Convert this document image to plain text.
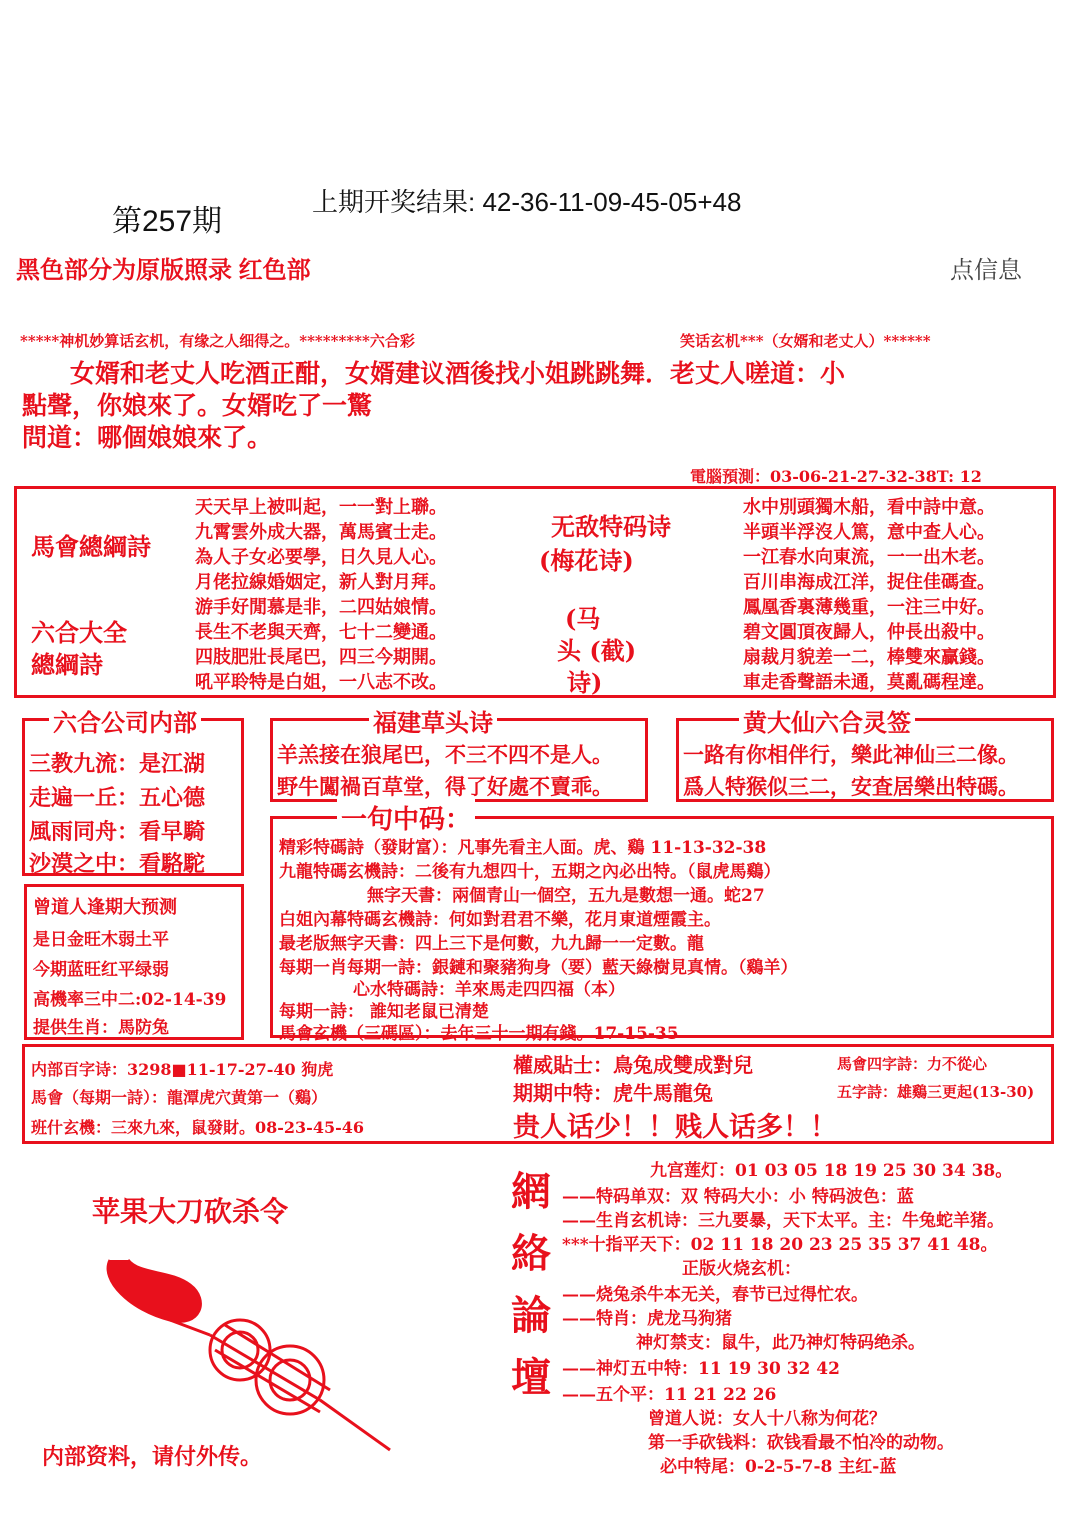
第257期
上期开奖结果: 42-36-11-09-45-05+48
黑色部分为原版照录 红色部	点信息
*****神机妙算话玄机，有缘之人细得之。*********六合彩	笑话玄机***（女婿和老丈人）******
女婿和老丈人吃酒正酣，女婿建议酒後找小姐跳跳舞．老丈人嗟道：小
點聲，你娘來了。女婿吃了一驚
問道：哪個娘娘來了。
電腦預測：03-06-21-27-32-38T: 12
馬會總綱詩
六合大全
總綱詩
天天早上被叫起，一一對上聯。
九霄雲外成大器，萬馬賓士走。
為人子女必要學，日久見人心。
月佬拉線婚姻定，新人對月拜。
游手好閒慕是非，二四姑娘情。
長生不老與天齊，七十二變通。
四肢肥壯長尾巴，四三今期開。
吼平聆特是白姐，一八志不改。
无敌特码诗
(梅花诗)
(马
头 (截)
诗)
水中別頭獨木船，看中詩中意。
半頭半浮沒人篤，意中查人心。
一江春水向東流，一一出木老。
百川串海成江洋，捉住佳碼查。
鳳凰香裏薄幾重，一注三中好。
碧文圓頂夜歸人，仲長出殺中。
扇裁月貌差一二，棒雙來贏錢。
車走香聲語未通，莫亂碼程達。
六合公司内部
三教九流：是江湖
走遍一丘：五心德
風雨同舟：看早騎
沙漠之中：看駱駝
福建草头诗
羊羔接在狼尾巴，不三不四不是人。
野牛闖禍百草堂，得了好處不賣乖。
黄大仙六合灵签
一路有你相伴行，樂此神仙三二像。
爲人特猴似三二，安査居樂出特碼。
曾道人逢期大预测
是日金旺木弱土平
今期蓝旺红平绿弱
高機率三中二:02-14-39
提供生肖：馬防兔
一句中码：
精彩特碼詩（發財富）：凡事先看主人面。虎、鷄 11-13-32-38
九龍特碼玄機詩：二後有九想四十，五期之內必出特。（鼠虎馬鷄）
無字天書：兩個青山一個空，五九是數想一通。蛇27
白姐內幕特碼玄機詩：何如對君君不樂，花月東道煙霞主。
最老版無字天書：四上三下是何數，九九歸一一定數。龍
每期一肖每期一詩：銀鏈和聚豬狗身（要）藍天綠樹見真情。（鷄羊）
心水特碼詩：羊來馬走四四福（本）
每期一詩： 誰知老鼠已清楚
馬會玄機（三碼區）：去年三十一期有錢。17-15-35
内部百字诗：3298■11-17-27-40 狗虎
馬會（每期一詩）：龍潭虎穴黄第一（鷄）
班什玄機：三來九來，鼠發財。08-23-45-46
權威貼士：鳥兔成雙成對兒
期期中特：虎牛馬龍兔
贵人话少！！贱人话多！！
馬會四字詩：力不從心
五字詩：雄鷄三更起(13-30)
苹果大刀砍杀令
内部资料，请付外传。
網
絡
論
壇
九宫莲灯：01 03 05 18 19 25 30 34 38。
——特码单双：双 特码大小：小 特码波色：蓝
——生肖玄机诗：三九要暴，天下太平。主：牛兔蛇羊猪。
***十指平天下：02 11 18 20 23 25 35 37 41 48。
正版火烧玄机：
——烧兔杀牛本无关，春节已过得忙农。
——特肖：虎龙马狗猪
神灯禁支：鼠牛，此乃神灯特码绝杀。
——神灯五中特：11 19 30 32 42
——五个平：11 21 22 26
曾道人说：女人十八称为何花？
第一手砍钱料：砍钱看最不怕冷的动物。
必中特尾：0-2-5-7-8 主红-蓝
